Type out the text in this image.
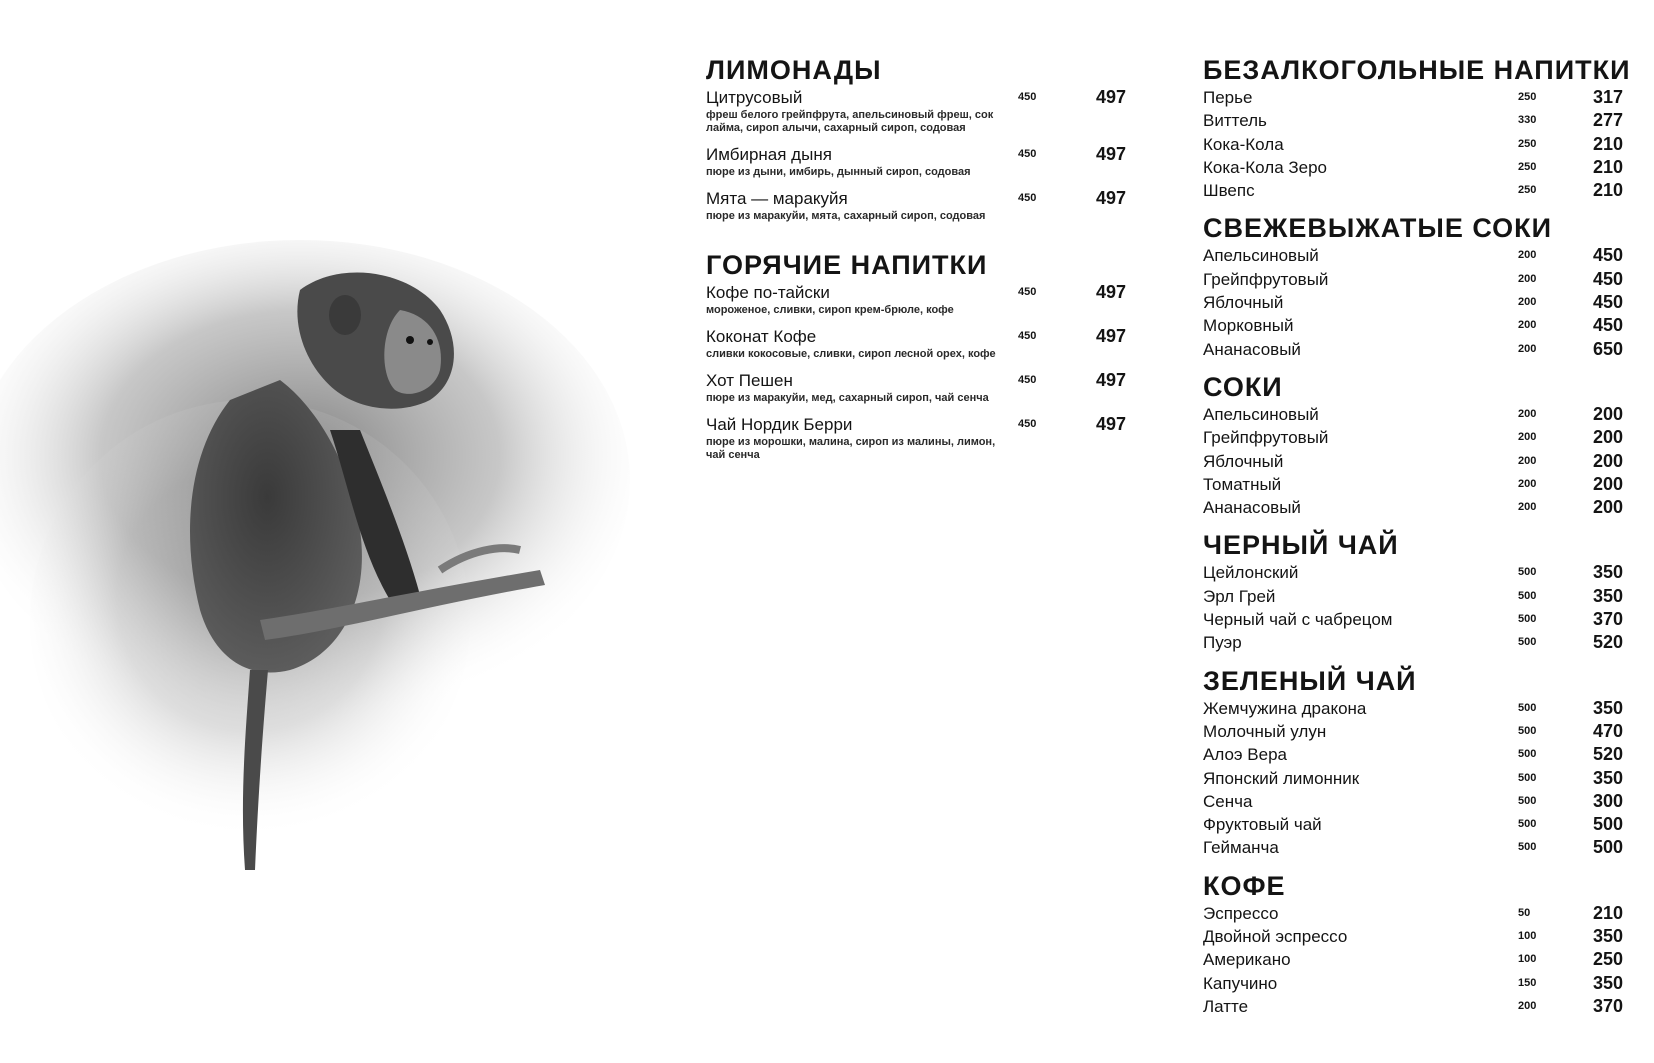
ЛИМОНАДЫ
Цитрусовый
фреш белого грейпфрута, апельсиновый фреш, сок лайма, сироп алычи, сахарный сироп, содовая
450	497
Имбирная дыня
пюре из дыни, имбирь, дынный сироп, содовая
450	497
Мята — маракуйя
пюре из маракуйи, мята, сахарный сироп, содовая
450	497
ГОРЯЧИЕ НАПИТКИ
Кофе по-тайски
мороженое, сливки, сироп крем-брюле, кофе
450	497
Коконат Кофе
сливки кокосовые, сливки, сироп лесной орех, кофе
450	497
Хот Пешен
пюре из маракуйи, мед, сахарный сироп, чай сенча
450	497
Чай Нордик Берри
пюре из морошки, малина, сироп из малины, лимон, чай сенча
450	497
БЕЗАЛКОГОЛЬНЫЕ НАПИТКИ
Перье	250	317
Виттель	330	277
Кока-Кола	250	210
Кока-Кола Зеро	250	210
Швепс	250	210
СВЕЖЕВЫЖАТЫЕ СОКИ
Апельсиновый	200	450
Грейпфрутовый	200	450
Яблочный	200	450
Морковный	200	450
Ананасовый	200	650
СОКИ
Апельсиновый	200	200
Грейпфрутовый	200	200
Яблочный	200	200
Томатный	200	200
Ананасовый	200	200
ЧЕРНЫЙ ЧАЙ
Цейлонский	500	350
Эрл Грей	500	350
Черный чай с чабрецом	500	370
Пуэр	500	520
ЗЕЛЕНЫЙ ЧАЙ
Жемчужина дракона	500	350
Молочный улун	500	470
Алоэ Вера	500	520
Японский лимонник	500	350
Сенча	500	300
Фруктовый чай	500	500
Гейманча	500	500
КОФЕ
Эспрессо	50	210
Двойной эспрессо	100	350
Американо	100	250
Капучино	150	350
Латте	200	370
